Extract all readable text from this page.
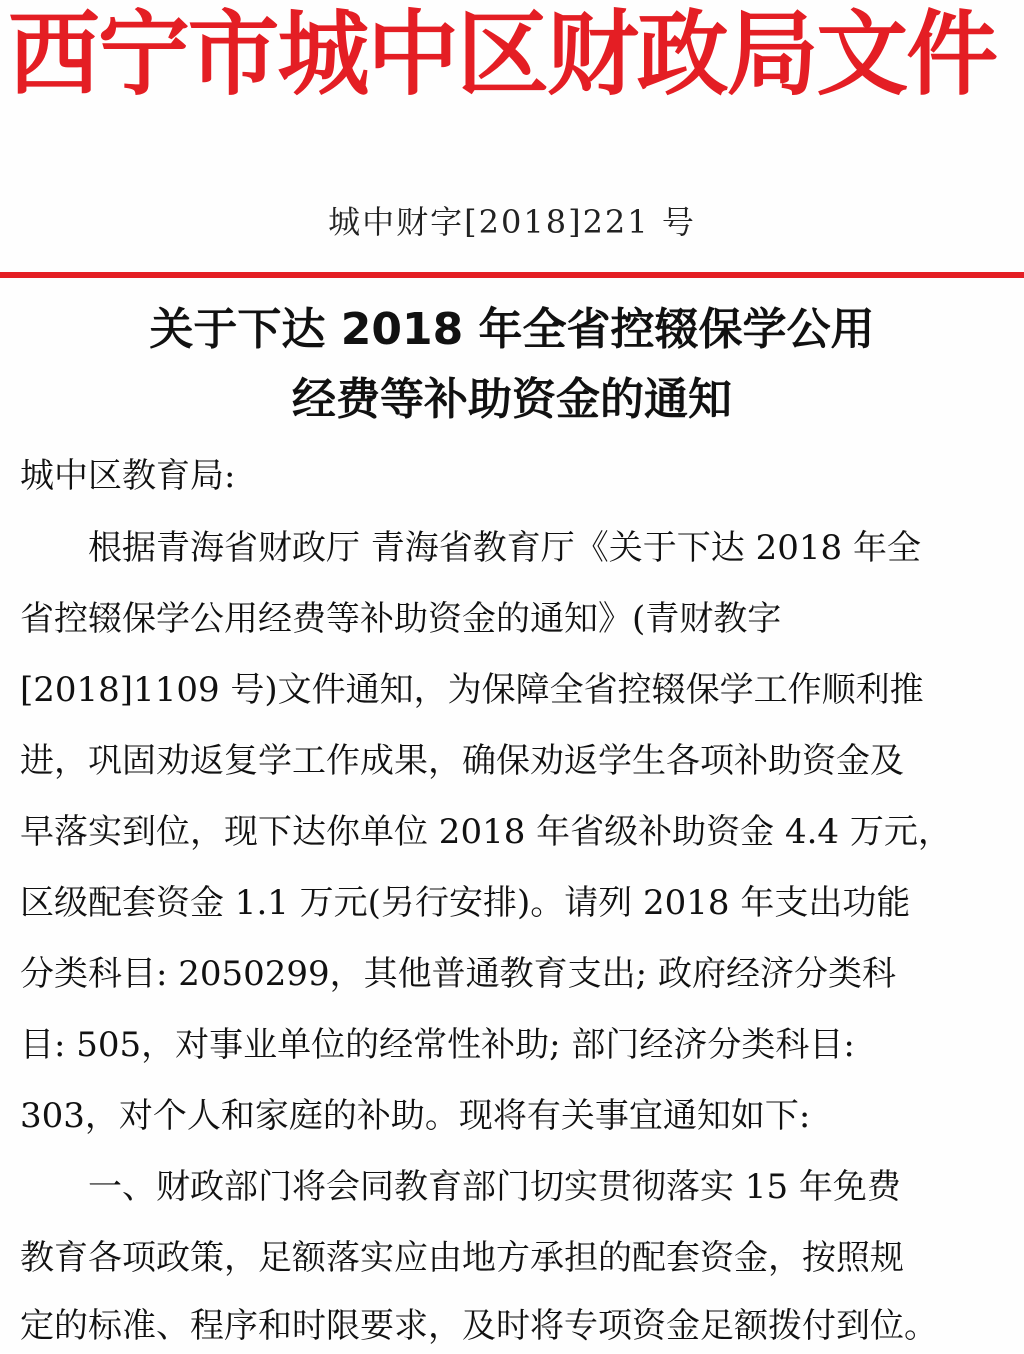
西宁市城中区财政局文件
城中财字[2018]221 号
关于下达 2018 年全省控辍保学公用
经费等补助资金的通知
城中区教育局:
根据青海省财政厅 青海省教育厅《关于下达 2018 年全
省控辍保学公用经费等补助资金的通知》(青财教字
[2018]1109 号)文件通知，为保障全省控辍保学工作顺利推
进，巩固劝返复学工作成果，确保劝返学生各项补助资金及
早落实到位，现下达你单位 2018 年省级补助资金 4.4 万元，
区级配套资金 1.1 万元(另行安排)。请列 2018 年支出功能
分类科目: 2050299，其他普通教育支出; 政府经济分类科
目: 505，对事业单位的经常性补助; 部门经济分类科目:
303，对个人和家庭的补助。现将有关事宜通知如下:
一、财政部门将会同教育部门切实贯彻落实 15 年免费
教育各项政策，足额落实应由地方承担的配套资金，按照规
定的标准、程序和时限要求，及时将专项资金足额拨付到位。
